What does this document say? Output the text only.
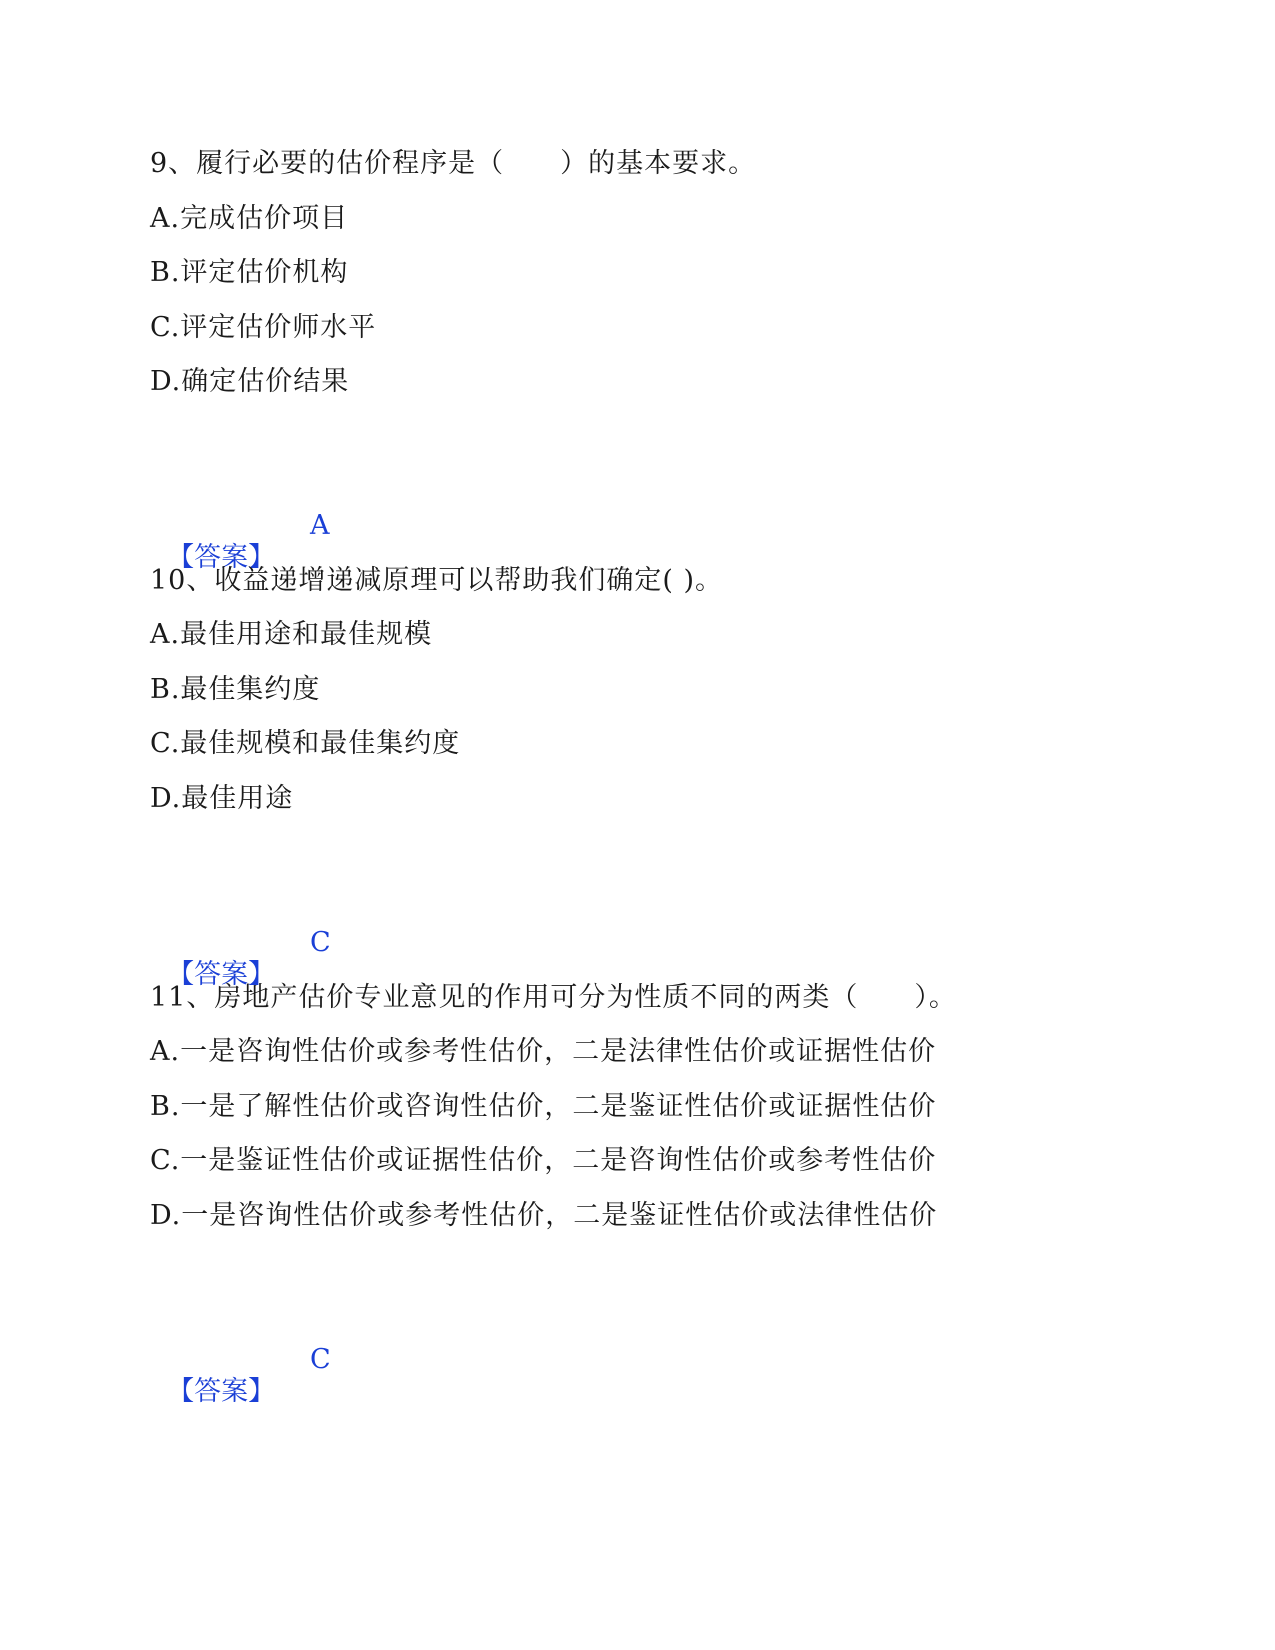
9、履行必要的估价程序是（　　）的基本要求。
A.完成估价项目
B.评定估价机构
C.评定估价师水平
D.确定估价结果

【答案】

A

10、收益递增递减原理可以帮助我们确定( )。
A.最佳用途和最佳规模
B.最佳集约度
C.最佳规模和最佳集约度
D.最佳用途

【答案】

C

11、房地产估价专业意见的作用可分为性质不同的两类（　　）。
A.一是咨询性估价或参考性估价，二是法律性估价或证据性估价
B.一是了解性估价或咨询性估价，二是鉴证性估价或证据性估价
C.一是鉴证性估价或证据性估价，二是咨询性估价或参考性估价
D.一是咨询性估价或参考性估价，二是鉴证性估价或法律性估价

【答案】

C
